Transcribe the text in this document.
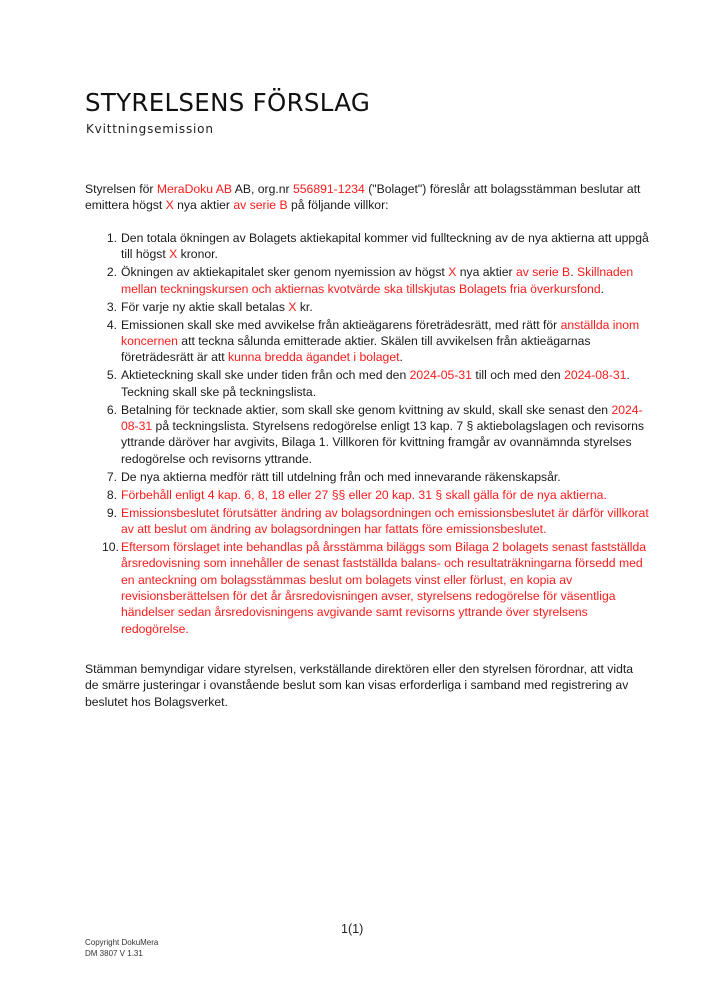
STYRELSENS FÖRSLAG

Kvittningsemission

Styrelsen för MeraDoku AB AB, org.nr 556891-1234 ("Bolaget") föreslår att bolagsstämman beslutar att emittera högst X nya aktier av serie B på följande villkor:

1. Den totala ökningen av Bolagets aktiekapital kommer vid fullteckning av de nya aktierna att uppgå till högst X kronor.
2. Ökningen av aktiekapitalet sker genom nyemission av högst X nya aktier av serie B. Skillnaden mellan teckningskursen och aktiernas kvotvärde ska tillskjutas Bolagets fria överkursfond.
3. För varje ny aktie skall betalas X kr.
4. Emissionen skall ske med avvikelse från aktieägarens företrädesrätt, med rätt för anställda inom koncernen att teckna sålunda emitterade aktier. Skälen till avvikelsen från aktieägarnas företrädesrätt är att kunna bredda ägandet i bolaget.
5. Aktieteckning skall ske under tiden från och med den 2024-05-31 till och med den 2024-08-31. Teckning skall ske på teckningslista.
6. Betalning för tecknade aktier, som skall ske genom kvittning av skuld, skall ske senast den 2024-08-31 på teckningslista. Styrelsens redogörelse enligt 13 kap. 7 § aktiebolagslagen och revisorns yttrande däröver har avgivits, Bilaga 1. Villkoren för kvittning framgår av ovannämnda styrelses redogörelse och revisorns yttrande.
7. De nya aktierna medför rätt till utdelning från och med innevarande räkenskapsår.
8. Förbehåll enligt 4 kap. 6, 8, 18 eller 27 §§ eller 20 kap. 31 § skall gälla för de nya aktierna.
9. Emissionsbeslutet förutsätter ändring av bolagsordningen och emissionsbeslutet är därför villkorat av att beslut om ändring av bolagsordningen har fattats före emissionsbeslutet.
10. Eftersom förslaget inte behandlas på årsstämma biläggs som Bilaga 2 bolagets senast fastställda årsredovisning som innehåller de senast fastställda balans- och resultaträkningarna försedd med en anteckning om bolagsstämmas beslut om bolagets vinst eller förlust, en kopia av revisionsberättelsen för det år årsredovisningen avser, styrelsens redogörelse för väsentliga händelser sedan årsredovisningens avgivande samt revisorns yttrande över styrelsens redogörelse.

Stämman bemyndigar vidare styrelsen, verkställande direktören eller den styrelsen förordnar, att vidta de smärre justeringar i ovanstående beslut som kan visas erforderliga i samband med registrering av beslutet hos Bolagsverket.

1(1)
Copyright DokuMera
DM 3807 V 1.31
